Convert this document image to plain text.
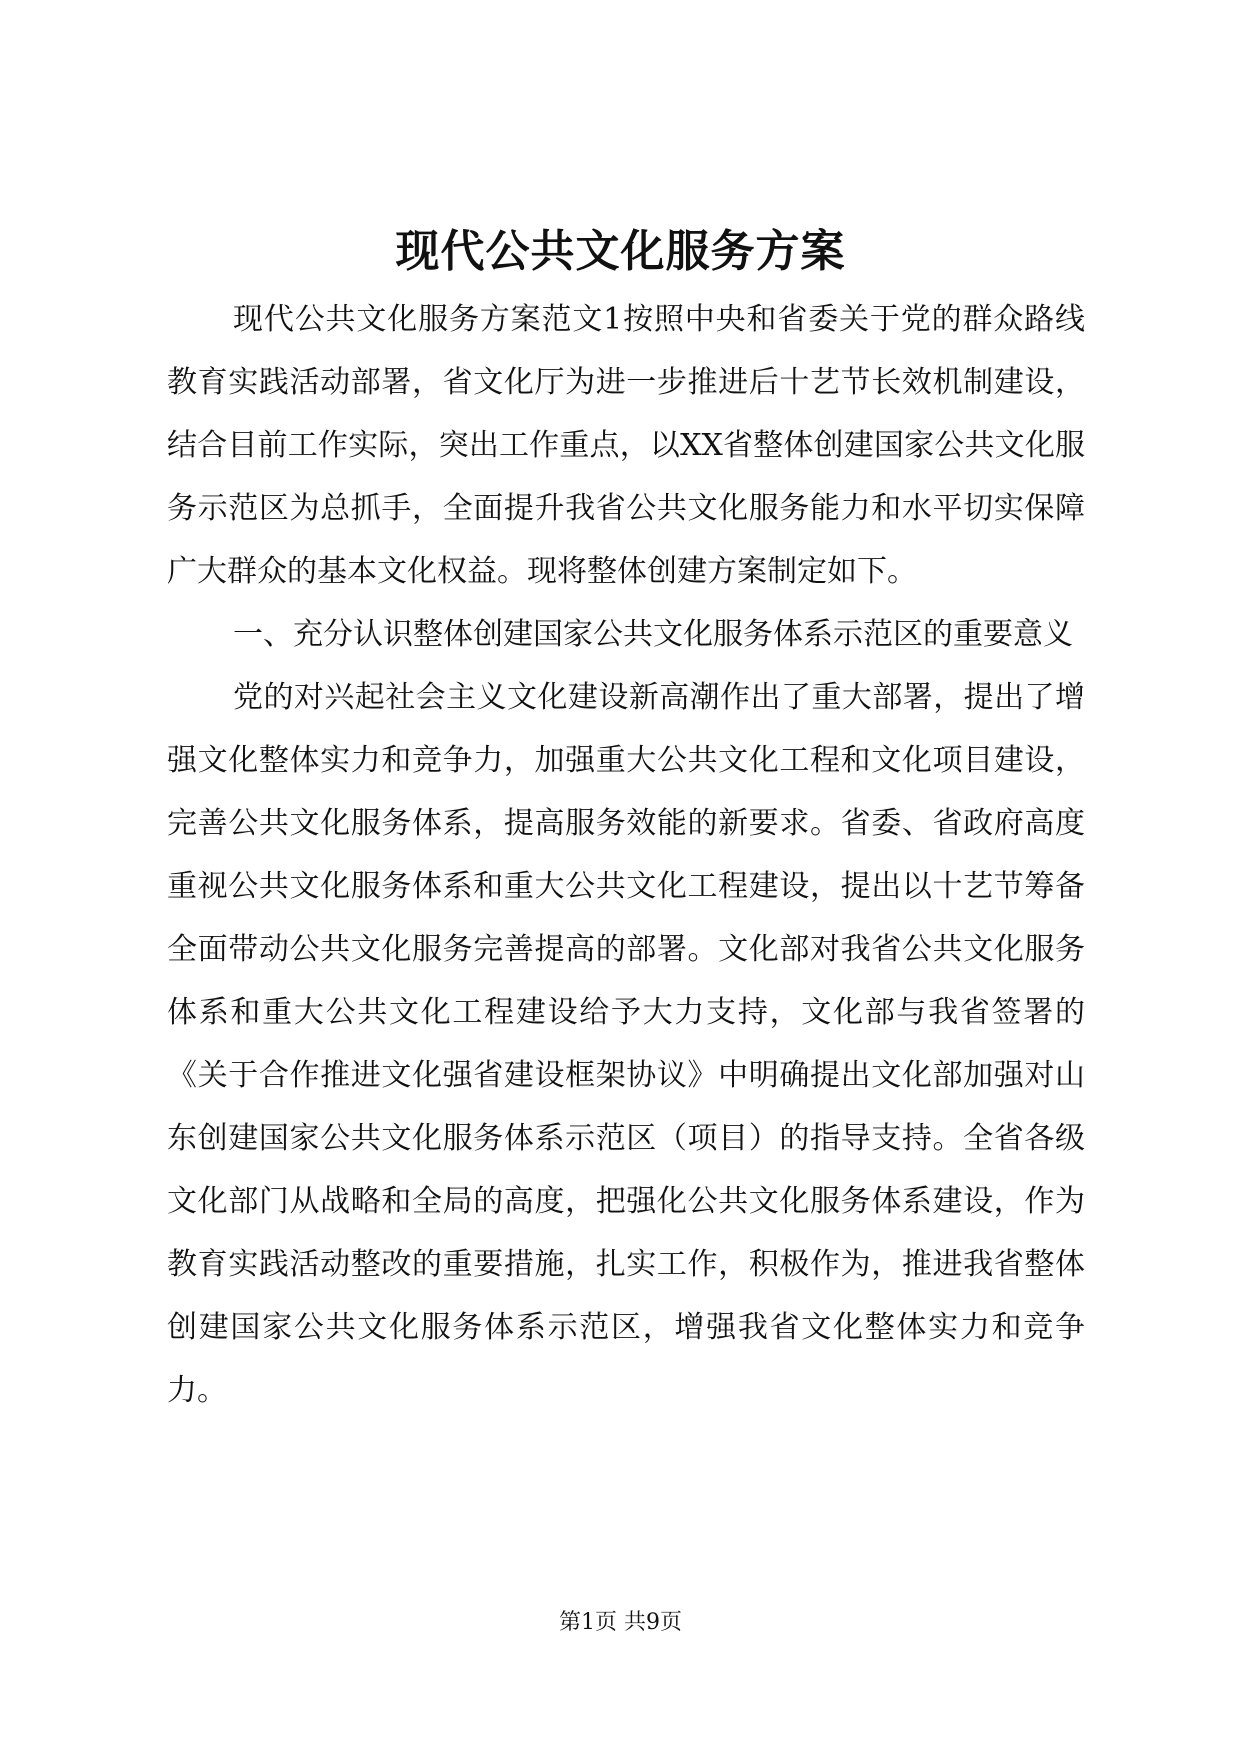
现代公共文化服务方案

现代公共文化服务方案范文1按照中央和省委关于党的群众路线教育实践活动部署，省文化厅为进一步推进后十艺节长效机制建设，结合目前工作实际，突出工作重点，以XX省整体创建国家公共文化服务示范区为总抓手，全面提升我省公共文化服务能力和水平切实保障广大群众的基本文化权益。现将整体创建方案制定如下。

一、充分认识整体创建国家公共文化服务体系示范区的重要意义

党的对兴起社会主义文化建设新高潮作出了重大部署，提出了增强文化整体实力和竞争力，加强重大公共文化工程和文化项目建设，完善公共文化服务体系，提高服务效能的新要求。省委、省政府高度重视公共文化服务体系和重大公共文化工程建设，提出以十艺节筹备全面带动公共文化服务完善提高的部署。文化部对我省公共文化服务体系和重大公共文化工程建设给予大力支持，文化部与我省签署的《关于合作推进文化强省建设框架协议》中明确提出文化部加强对山东创建国家公共文化服务体系示范区（项目）的指导支持。全省各级文化部门从战略和全局的高度，把强化公共文化服务体系建设，作为教育实践活动整改的重要措施，扎实工作，积极作为，推进我省整体创建国家公共文化服务体系示范区，增强我省文化整体实力和竞争力。

第1页 共9页
